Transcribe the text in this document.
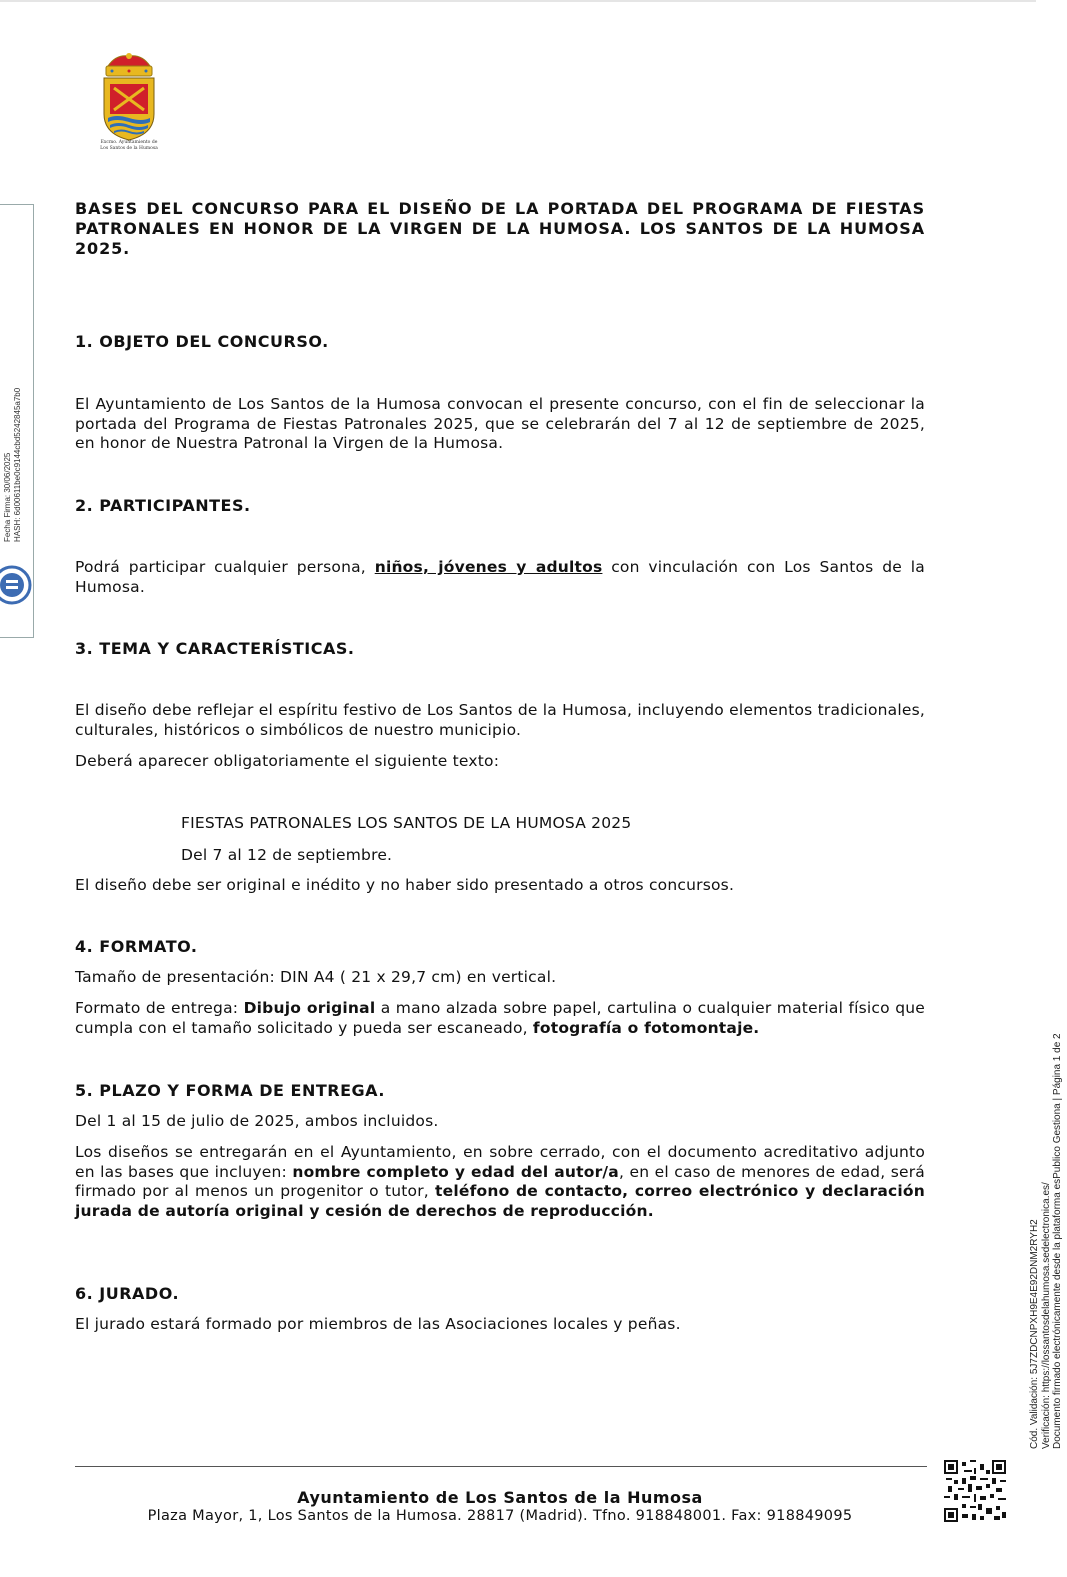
Excmo. Ayuntamiento de
Los Santos de la Humosa
Fecha Firma: 30/06/2025 HASH: 6d00611be0c9144cbd5242845a7b0
BASES DEL CONCURSO PARA EL DISEÑO DE LA PORTADA DEL PROGRAMA DE FIESTAS PATRONALES EN HONOR DE LA VIRGEN DE LA HUMOSA. LOS SANTOS DE LA HUMOSA 2025.
1. OBJETO DEL CONCURSO.
El Ayuntamiento de Los Santos de la Humosa convocan el presente concurso, con el fin de seleccionar la portada del Programa de Fiestas Patronales 2025, que se celebrarán del 7 al 12 de septiembre de 2025, en honor de Nuestra Patronal la Virgen de la Humosa.
2. PARTICIPANTES.
Podrá participar cualquier persona, niños, jóvenes y adultos con vinculación con Los Santos de la Humosa.
3. TEMA Y CARACTERÍSTICAS.
El diseño debe reflejar el espíritu festivo de Los Santos de la Humosa, incluyendo elementos tradicionales, culturales, históricos o simbólicos de nuestro municipio.
Deberá aparecer obligatoriamente el siguiente texto:
FIESTAS PATRONALES LOS SANTOS DE LA HUMOSA 2025
Del 7 al 12 de septiembre.
El diseño debe ser original e inédito y no haber sido presentado a otros concursos.
4. FORMATO.
Tamaño de presentación: DIN A4 ( 21 x 29,7 cm) en vertical.
Formato de entrega: Dibujo original a mano alzada sobre papel, cartulina o cualquier material físico que cumpla con el tamaño solicitado y pueda ser escaneado, fotografía o fotomontaje.
5. PLAZO Y FORMA DE ENTREGA.
Del 1 al 15 de julio de 2025, ambos incluidos.
Los diseños se entregarán en el Ayuntamiento, en sobre cerrado, con el documento acreditativo adjunto en las bases que incluyen: nombre completo y edad del autor/a, en el caso de menores de edad, será firmado por al menos un progenitor o tutor, teléfono de contacto, correo electrónico y declaración jurada de autoría original y cesión de derechos de reproducción.
6. JURADO.
El jurado estará formado por miembros de las Asociaciones locales y peñas.	Cód. Validación: 5J7ZDCNPXH9E4E92DNM2RYH2 Verificación: https://lossantosdelahumosa.sedelectronica.es/ Documento firmado electrónicamente desde la plataforma esPublico Gestiona | Página 1 de 2
Ayuntamiento de Los Santos de la Humosa
Plaza Mayor, 1, Los Santos de la Humosa. 28817 (Madrid). Tfno. 918848001. Fax: 918849095
